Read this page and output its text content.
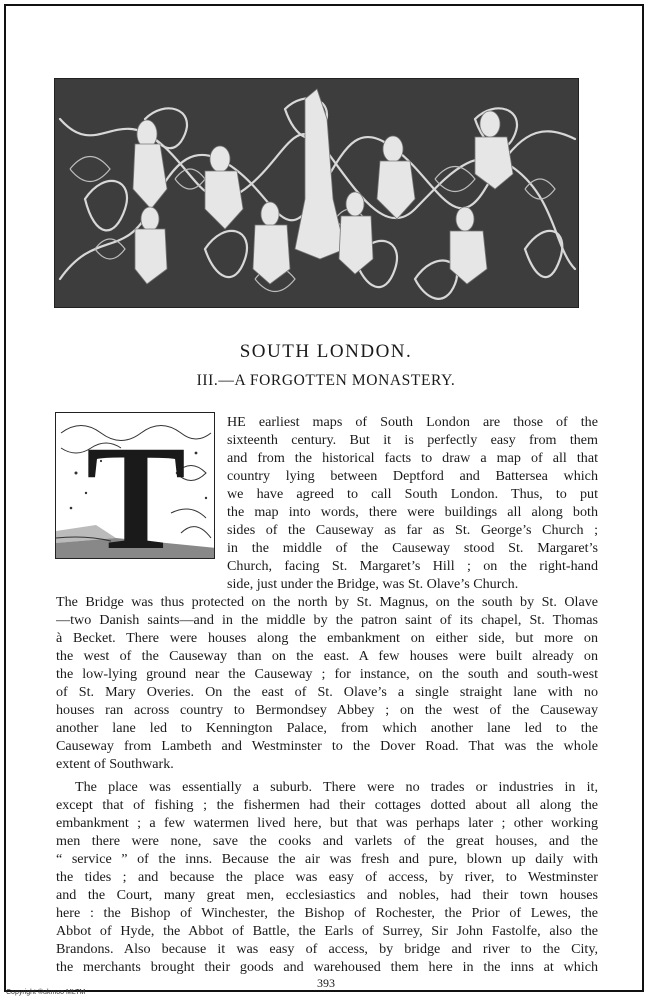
SOUTH LONDON.
III.—A FORGOTTEN MONASTERY.
T	HE earliest maps of South London are those of the
sixteenth century. But it is perfectly easy from them
and from the historical facts to draw a map of all that
country lying between Deptford and Battersea which
we have agreed to call South London. Thus, to put
the map into words, there were buildings all along both
sides of the Causeway as far as St. George’s Church ;
in the middle of the Causeway stood St. Margaret’s
Church, facing St. Margaret’s Hill ; on the right-hand
side, just under the Bridge, was St. Olave’s Church.
The Bridge was thus protected on the north by St. Magnus, on the south by St. Olave
—two Danish saints—and in the middle by the patron saint of its chapel, St. Thomas
à Becket. There were houses along the embankment on either side, but more on
the west of the Causeway than on the east. A few houses were built already on
the low-lying ground near the Causeway ; for instance, on the south and south-west
of St. Mary Overies. On the east of St. Olave’s a single straight lane with no
houses ran across country to Bermondsey Abbey ; on the west of the Causeway
another lane led to Kennington Palace, from which another lane led to the
Causeway from Lambeth and Westminster to the Dover Road. That was the whole
extent of Southwark.
The place was essentially a suburb. There were no trades or industries in it,
except that of fishing ; the fishermen had their cottages dotted about all along the
embankment ; a few watermen lived here, but that was perhaps later ; other working
men there were none, save the cooks and varlets of the great houses, and the
“ service ” of the inns. Because the air was fresh and pure, blown up daily with
the tides ; and because the place was easy of access, by river, to Westminster
and the Court, many great men, ecclesiastics and nobles, had their town houses
here : the Bishop of Winchester, the Bishop of Rochester, the Prior of Lewes, the
Abbot of Hyde, the Abbot of Battle, the Earls of Surrey, Sir John Fastolfe, also the
Brandons. Also because it was easy of access, by bridge and river to the City,
the merchants brought their goods and warehoused them here in the inns at which
393
Copyright ©ukmoo MLTM
